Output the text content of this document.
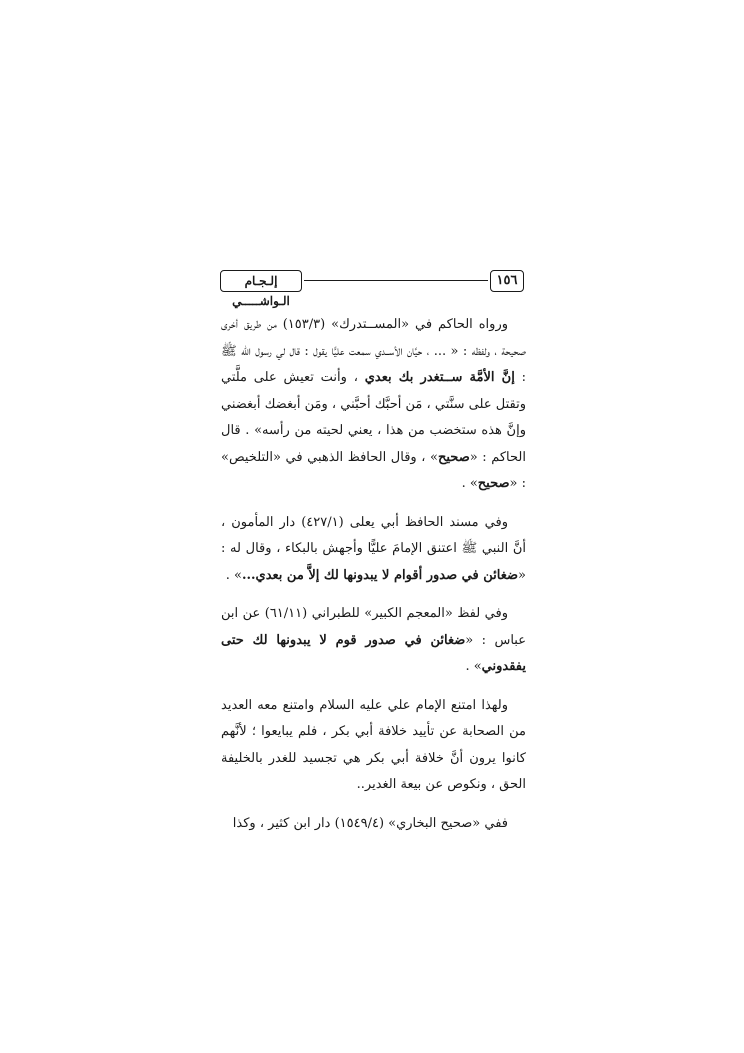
١٥٦
إلـجـام الـواشـــــي

ورواه الحاكم في «المســتدرك» (١٥٣/٣) من طريق أخرى صحيحة ، ولفظه : « ... ، حيَّان الأســدي سمعت عليًّا يقول : قال لي رسول الله ﷺ : إنَّ الأمَّة ســتغدر بك بعدي ، وأنت تعيش على ملَّتي وتقتل على سنَّتي ، مَن أحبَّك أحبَّني ، ومَن أبغضك أبغضني وإنَّ هذه ستخضب من هذا ، يعني لحيته من رأسه» . قال الحاكم : «صحيح» ، وقال الحافظ الذهبي في «التلخيص» : «صحيح» .

وفي مسند الحافظ أبي يعلى (٤٢٧/١) دار المأمون ، أنَّ النبي ﷺ اعتنق الإمامَ عليًّا وأجهش بالبكاء ، وقال له : «ضغائن في صدور أقوام لا يبدونها لك إلاَّ من بعدي...» .

وفي لفظ «المعجم الكبير» للطبراني (٦١/١١) عن ابن عباس : «ضغائن في صدور قوم لا يبدونها لك حتى يفقدوني» .

ولهذا امتنع الإمام علي عليه السلام وامتنع معه العديد من الصحابة عن تأييد خلافة أبي بكر ، فلم يبايعوا ؛ لأنَّهم كانوا يرون أنَّ خلافة أبي بكر هي تجسيد للغدر بالخليفة الحق ، ونكوص عن بيعة الغدير..

ففي «صحيح البخاري» (١٥٤٩/٤) دار ابن كثير ، وكذا
